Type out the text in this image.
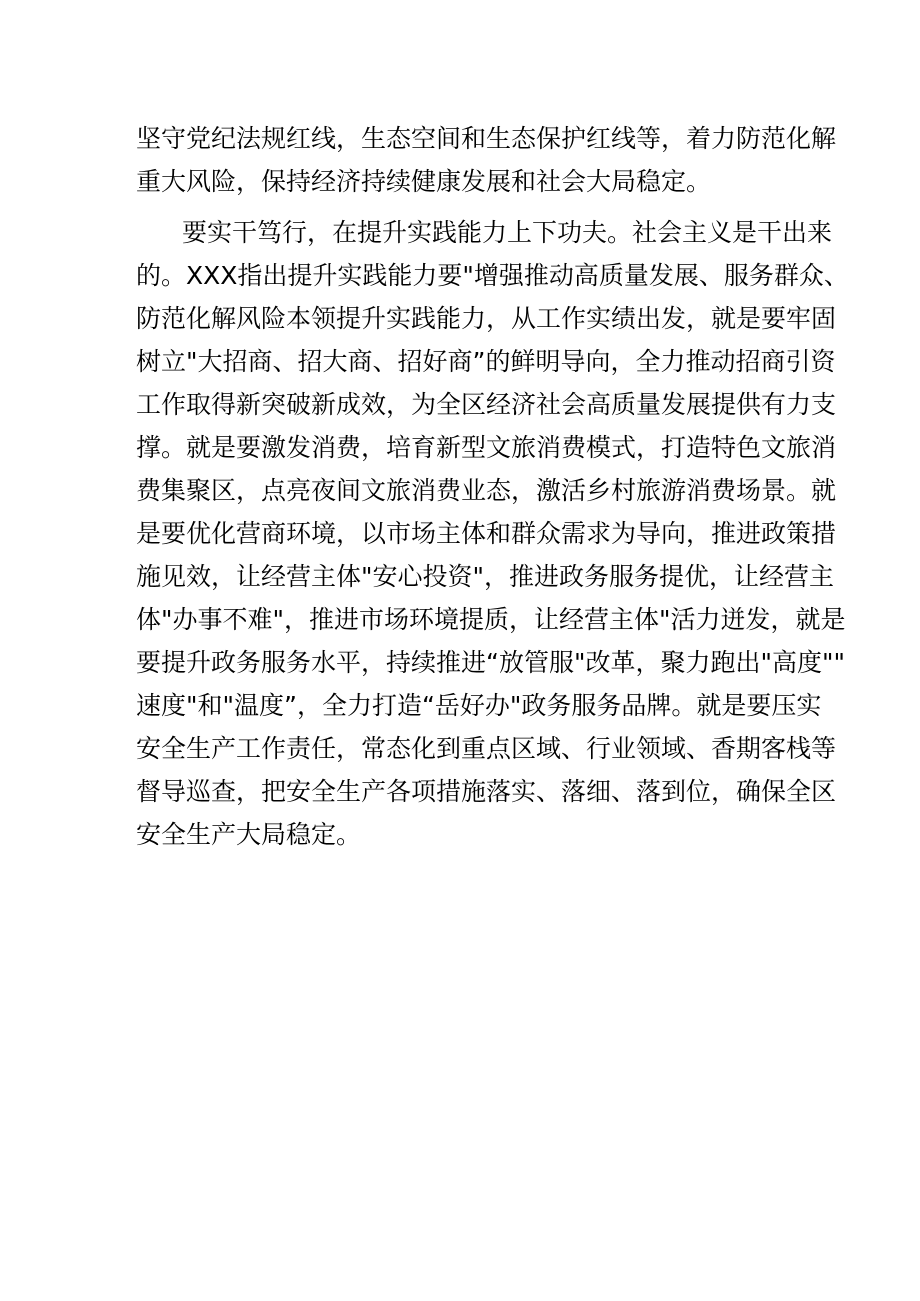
坚守党纪法规红线，生态空间和生态保护红线等，着力防范化解
重大风险，保持经济持续健康发展和社会大局稳定。
要实干笃行，在提升实践能力上下功夫。社会主义是干出来
的。XXX指出提升实践能力要"增强推动高质量发展、服务群众、
防范化解风险本领提升实践能力，从工作实绩出发，就是要牢固
树立"大招商、招大商、招好商”的鲜明导向，全力推动招商引资
工作取得新突破新成效，为全区经济社会高质量发展提供有力支
撑。就是要激发消费，培育新型文旅消费模式，打造特色文旅消
费集聚区，点亮夜间文旅消费业态，激活乡村旅游消费场景。就
是要优化营商环境，以市场主体和群众需求为导向，推进政策措
施见效，让经营主体"安心投资"，推进政务服务提优，让经营主
体"办事不难"，推进市场环境提质，让经营主体"活力迸发，就是
要提升政务服务水平，持续推进“放管服"改革，聚力跑出"高度""
速度"和"温度”，全力打造“岳好办"政务服务品牌。就是要压实
安全生产工作责任，常态化到重点区域、行业领域、香期客栈等
督导巡查，把安全生产各项措施落实、落细、落到位，确保全区
安全生产大局稳定。
